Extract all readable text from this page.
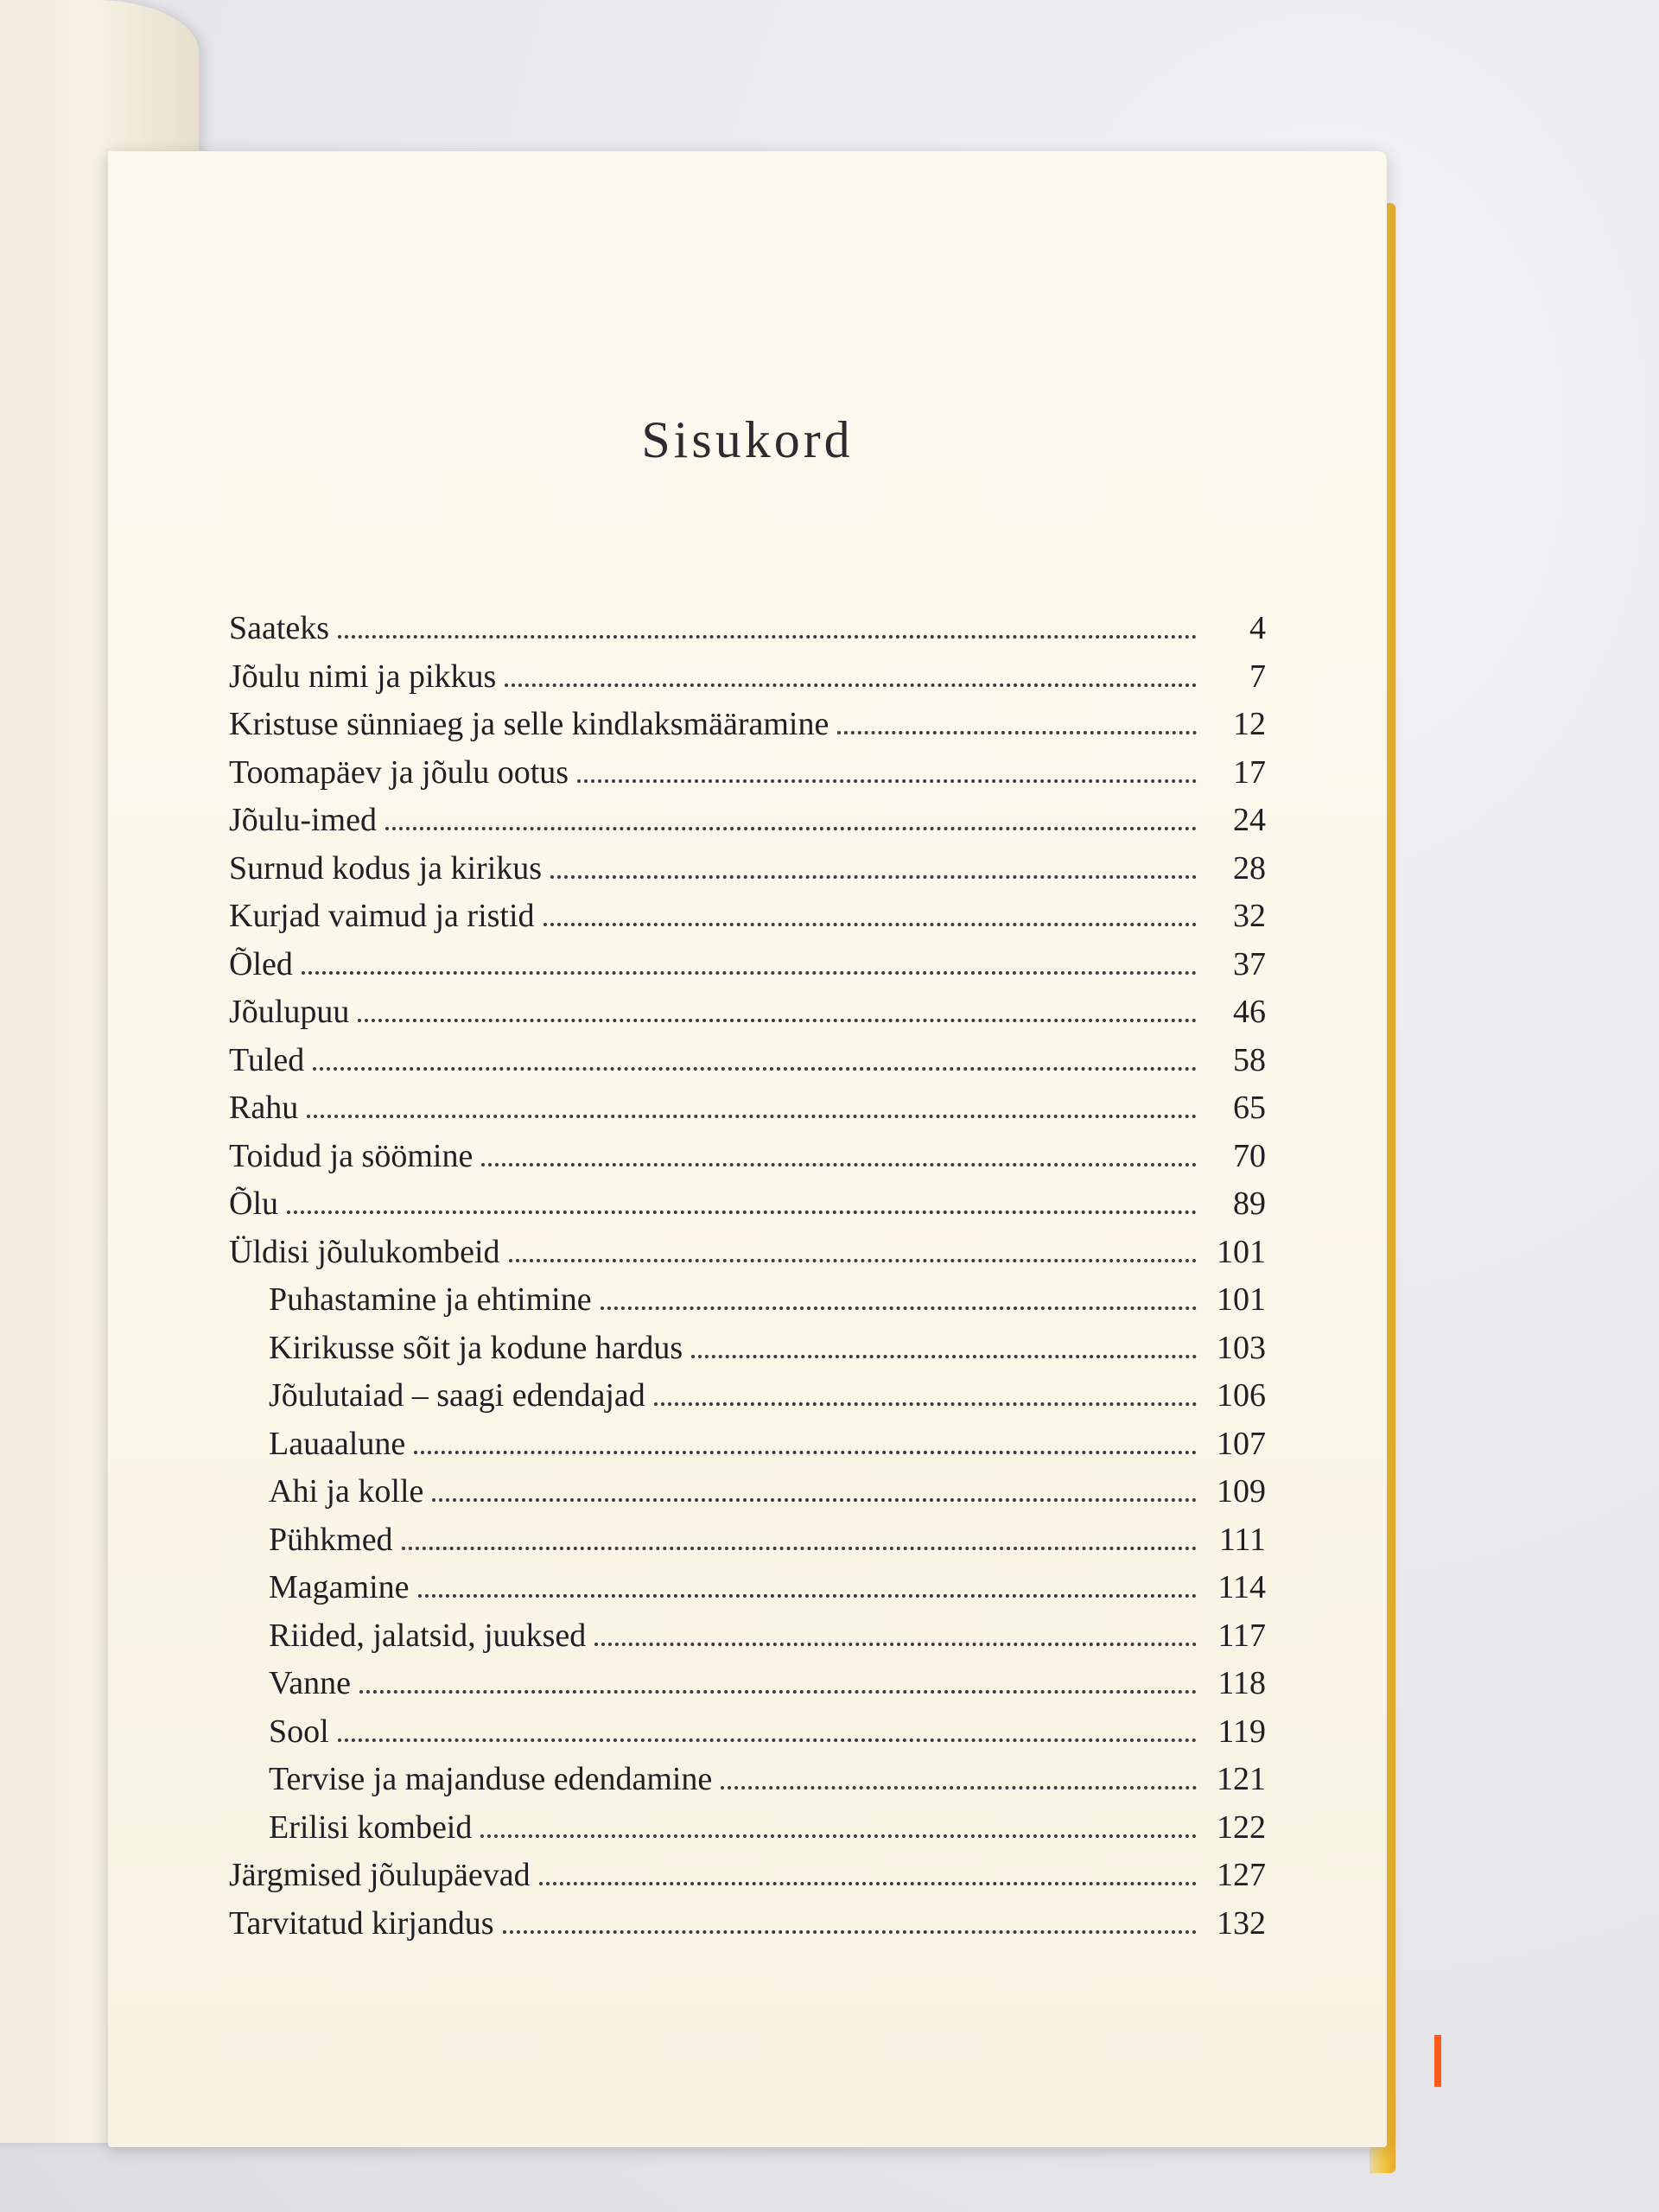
Sisukord
Saateks	4
Jõulu nimi ja pikkus	7
Kristuse sünniaeg ja selle kindlaksmääramine	12
Toomapäev ja jõulu ootus	17
Jõulu-imed	24
Surnud kodus ja kirikus	28
Kurjad vaimud ja ristid	32
Õled	37
Jõulupuu	46
Tuled	58
Rahu	65
Toidud ja söömine	70
Õlu	89
Üldisi jõulukombeid	101
Puhastamine ja ehtimine	101
Kirikusse sõit ja kodune hardus	103
Jõulutaiad – saagi edendajad	106
Lauaalune	107
Ahi ja kolle	109
Pühkmed	111
Magamine	114
Riided, jalatsid, juuksed	117
Vanne	118
Sool	119
Tervise ja majanduse edendamine	121
Erilisi kombeid	122
Järgmised jõulupäevad	127
Tarvitatud kirjandus	132
